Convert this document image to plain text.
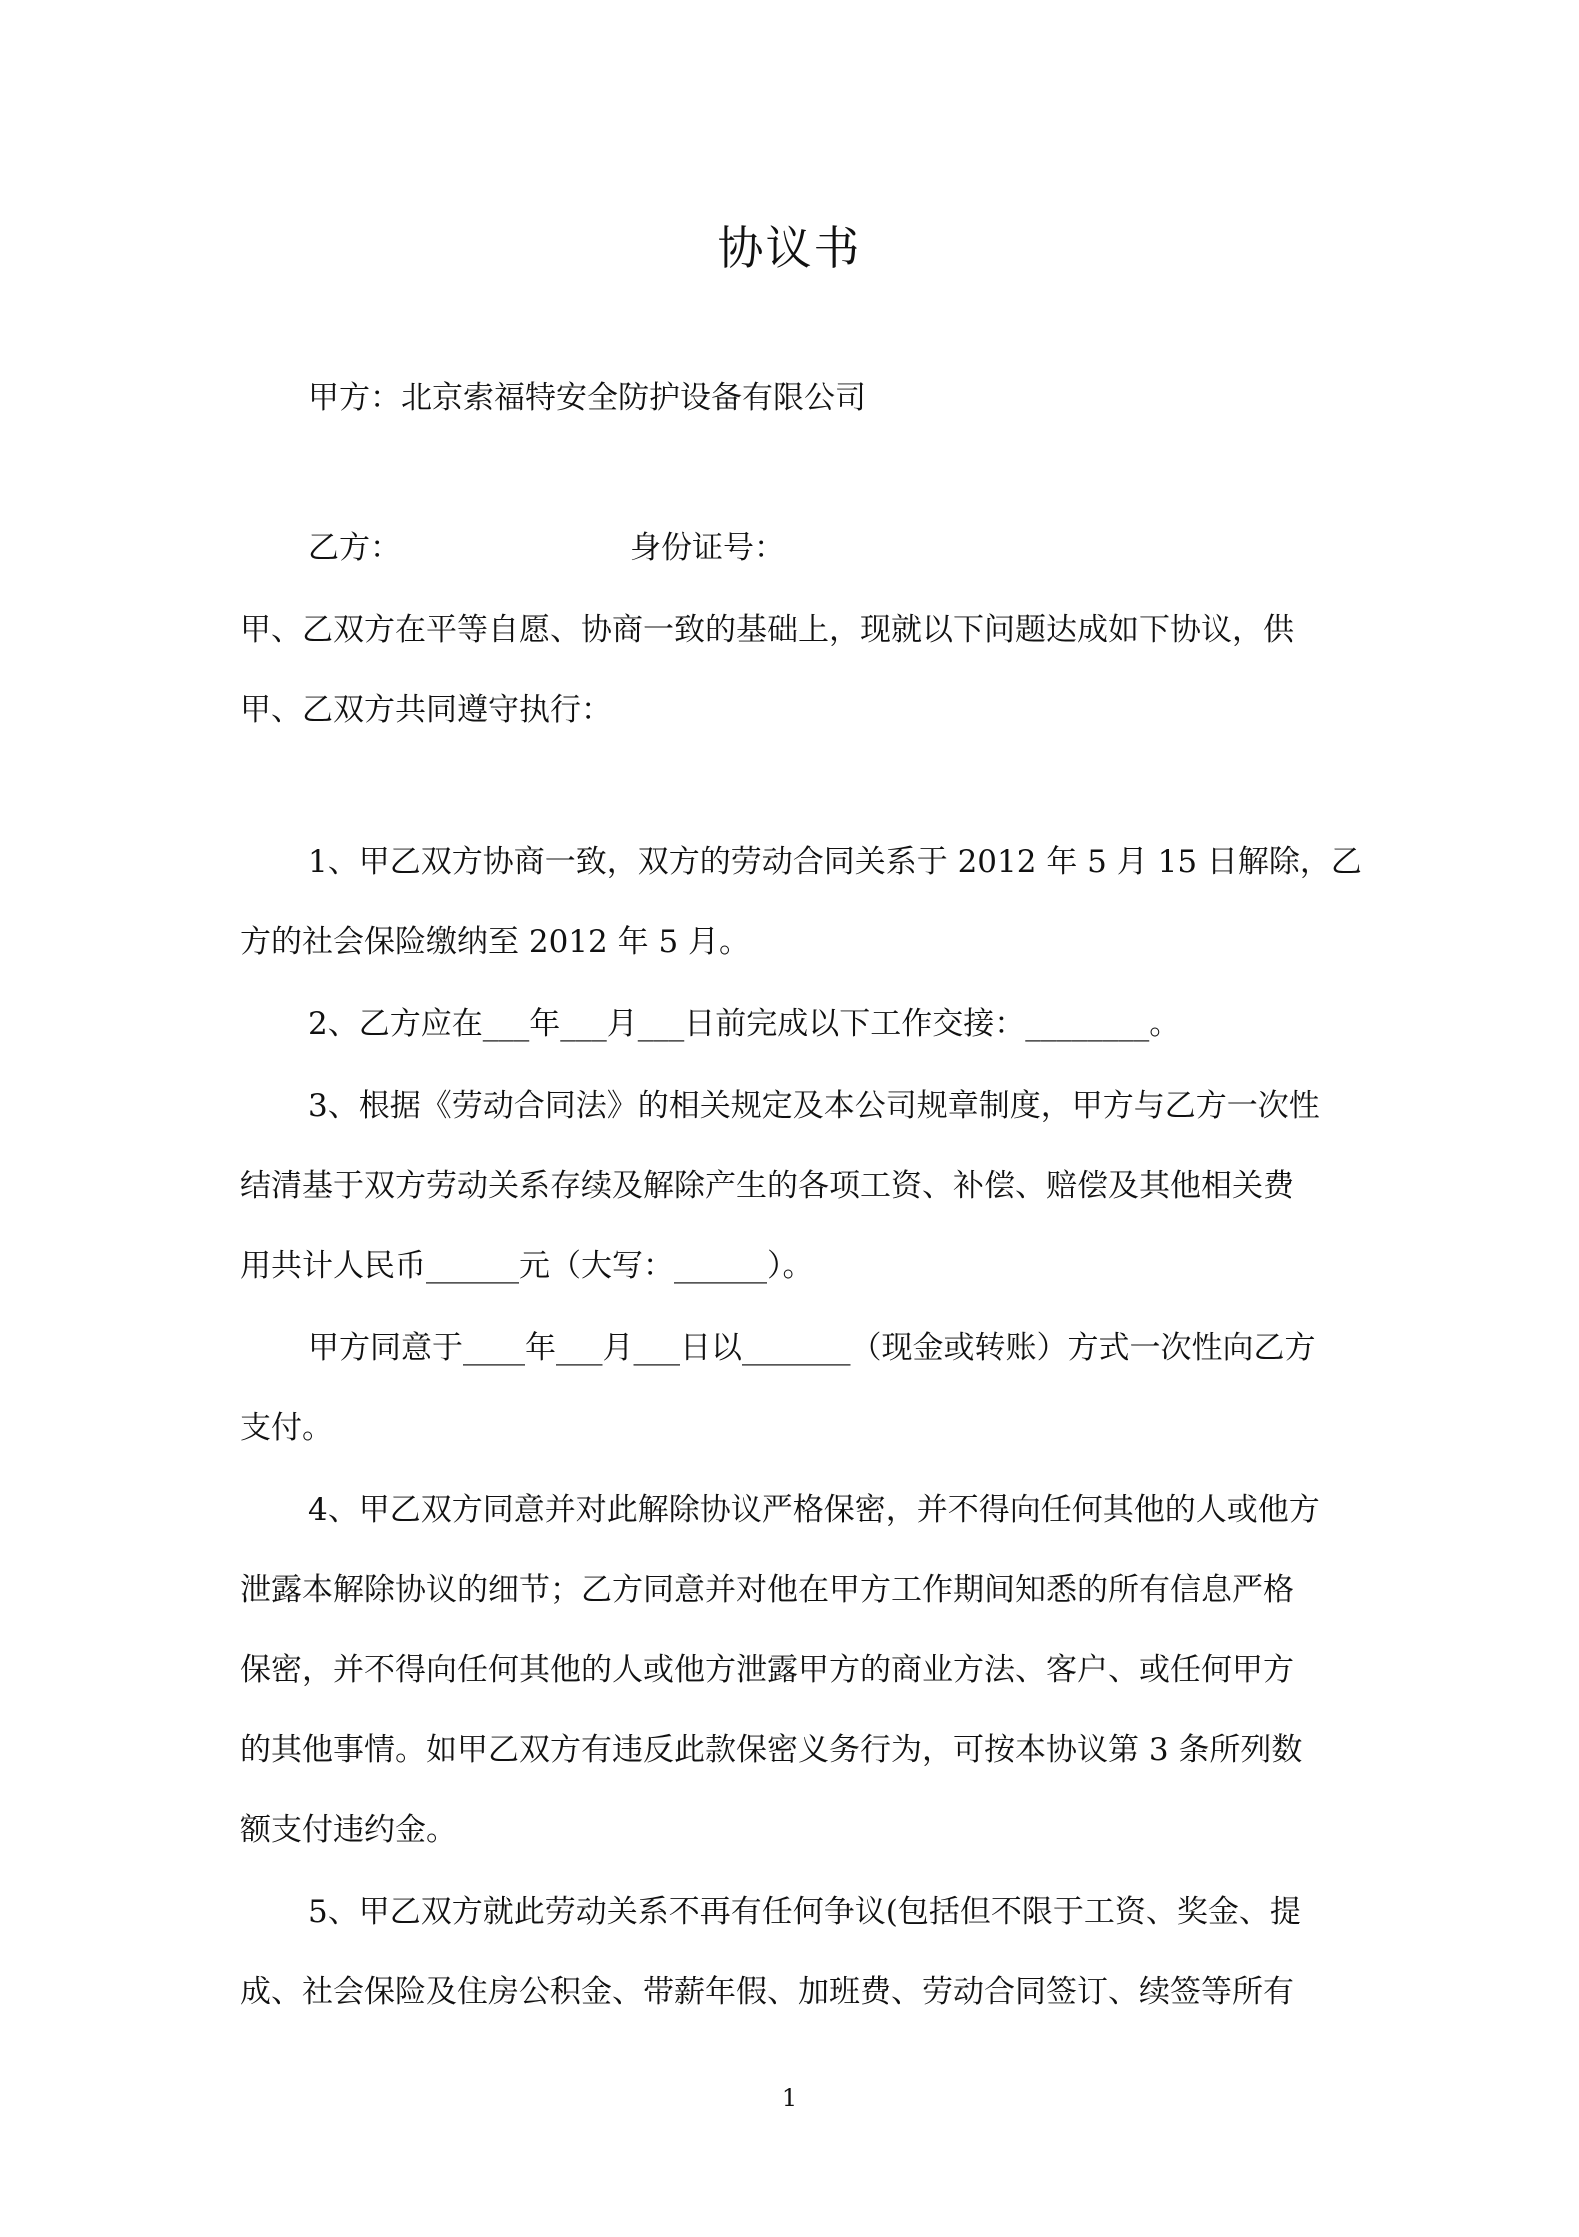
协议书
甲方：北京索福特安全防护设备有限公司
乙方：	身份证号：
甲、乙双方在平等自愿、协商一致的基础上，现就以下问题达成如下协议，供
甲、乙双方共同遵守执行：
1、甲乙双方协商一致，双方的劳动合同关系于 2012 年 5 月 15 日解除，乙
方的社会保险缴纳至 2012 年 5 月。
2、乙方应在___年___月___日前完成以下工作交接：________。
3、根据《劳动合同法》的相关规定及本公司规章制度，甲方与乙方一次性
结清基于双方劳动关系存续及解除产生的各项工资、补偿、赔偿及其他相关费
用共计人民币______元（大写：______）。
甲方同意于____年___月___日以_______（现金或转账）方式一次性向乙方
支付。
4、甲乙双方同意并对此解除协议严格保密，并不得向任何其他的人或他方
泄露本解除协议的细节；乙方同意并对他在甲方工作期间知悉的所有信息严格
保密，并不得向任何其他的人或他方泄露甲方的商业方法、客户、或任何甲方
的其他事情。如甲乙双方有违反此款保密义务行为，可按本协议第 3 条所列数
额支付违约金。
5、甲乙双方就此劳动关系不再有任何争议(包括但不限于工资、奖金、提
成、社会保险及住房公积金、带薪年假、加班费、劳动合同签订、续签等所有
1
